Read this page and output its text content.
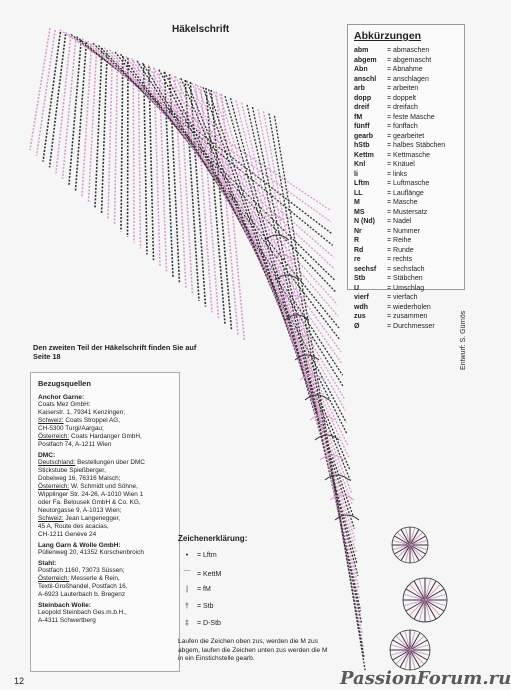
Häkelschrift
Abkürzungen
abm	= abmaschen
abgem	= abgemascht
Abn	= Abnahme
anschl	= anschlagen
arb	= arbeiten
dopp	= doppelt
dreif	= dreifach
fM	= feste Masche
fünff	= fünffach
gearb	= gearbeitet
hStb	= halbes Stäbchen
Kettm	= Kettmasche
Knl	= Knäuel
li	= links
Lftm	= Luftmasche
LL	= Lauflänge
M	= Masche
MS	= Mustersatz
N (Nd)	= Nadel
Nr	= Nummer
R	= Reihe
Rd	= Runde
re	= rechts
sechsf	= sechsfach
Stb	= Stäbchen
U	= Umschlag
vierf	= vierfach
wdh	= wiederholen
zus	= zusammen
Ø	= Durchmesser
Den zweiten Teil der Häkelschrift finden Sie auf Seite 18
Bezugsquellen
Anchor Garne:
Coats Mez GmbH:
Kaiserstr. 1, 79341 Kenzingen;
Schweiz: Coats Stroppel AG,
CH-5300 Turgi/Aargau;
Österreich: Coats Hardanger GmbH,
Postfach 74, A-1211 Wien
DMC:
Deutschland: Bestellungen über DMC
Stickstube Spießberger,
Dobelweg 16, 76316 Malsch;
Österreich: W. Schmidt und Söhne,
Wipplinger Str. 24-26, A-1010 Wien 1
oder Fa. Belousek GmbH & Co. KG,
Neutorgasse 9, A-1013 Wien;
Schweiz: Jean Langenegger,
45 A, Route des acacias,
CH-1211 Genève 24
Lang Garn & Wolle GmbH:
Püllenweg 20, 41352 Korschenbroich
Stahl:
Postfach 1160, 73073 Süssen;
Österreich: Messerle & Rein,
Textil-Großhandel, Postfach 16,
A-6923 Lauterbach b. Bregenz
Steinbach Wolle:
Leopold Steinbach Ges.m.b.H.,
A-4311 Schwertberg
Zeichenerklärung:
•	= Lftm
⌒ = KettM
|	= fM
†	= Stb
‡	= D-Stb
Laufen die Zeichen oben zus, werden die M zus abgem, laufen die Zeichen unten zus werden die M in ein Einstichstelle gearb.
Entwurf: S. Gürnös
12	PassionForum.ru
